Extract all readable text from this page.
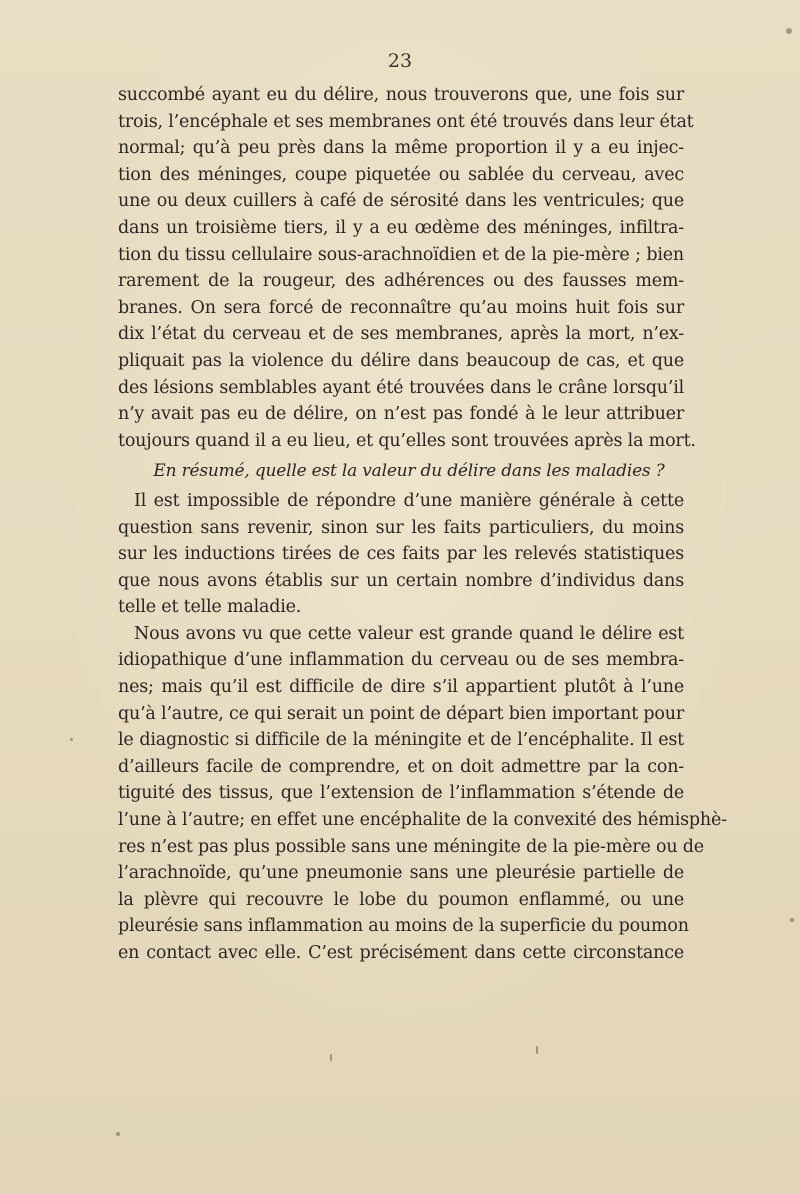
23
succombé ayant eu du délire, nous trouverons que, une fois sur
trois, l’encéphale et ses membranes ont été trouvés dans leur état
normal; qu’à peu près dans la même proportion il y a eu injec-
tion des méninges, coupe piquetée ou sablée du cerveau, avec
une ou deux cuillers à café de sérosité dans les ventricules; que
dans un troisième tiers, il y a eu œdème des méninges, infiltra-
tion du tissu cellulaire sous-arachnoïdien et de la pie-mère ; bien
rarement de la rougeur, des adhérences ou des fausses mem-
branes. On sera forcé de reconnaître qu’au moins huit fois sur
dix l’état du cerveau et de ses membranes, après la mort, n’ex-
pliquait pas la violence du délire dans beaucoup de cas, et que
des lésions semblables ayant été trouvées dans le crâne lorsqu’il
n’y avait pas eu de délire, on n’est pas fondé à le leur attribuer
toujours quand il a eu lieu, et qu’elles sont trouvées après la mort.
En résumé, quelle est la valeur du délire dans les maladies ?
Il est impossible de répondre d’une manière générale à cette
question sans revenir, sinon sur les faits particuliers, du moins
sur les inductions tirées de ces faits par les relevés statistiques
que nous avons établis sur un certain nombre d’individus dans
telle et telle maladie.
Nous avons vu que cette valeur est grande quand le délire est
idiopathique d’une inflammation du cerveau ou de ses membra-
nes; mais qu’il est difficile de dire s’il appartient plutôt à l’une
qu’à l’autre, ce qui serait un point de départ bien important pour
le diagnostic si difficile de la méningite et de l’encéphalite. Il est
d’ailleurs facile de comprendre, et on doit admettre par la con-
tiguité des tissus, que l’extension de l’inflammation s’étende de
l’une à l’autre; en effet une encéphalite de la convexité des hémisphè-
res n’est pas plus possible sans une méningite de la pie-mère ou de
l’arachnoïde, qu’une pneumonie sans une pleurésie partielle de
la plèvre qui recouvre le lobe du poumon enflammé, ou une
pleurésie sans inflammation au moins de la superficie du poumon
en contact avec elle. C’est précisément dans cette circonstance
